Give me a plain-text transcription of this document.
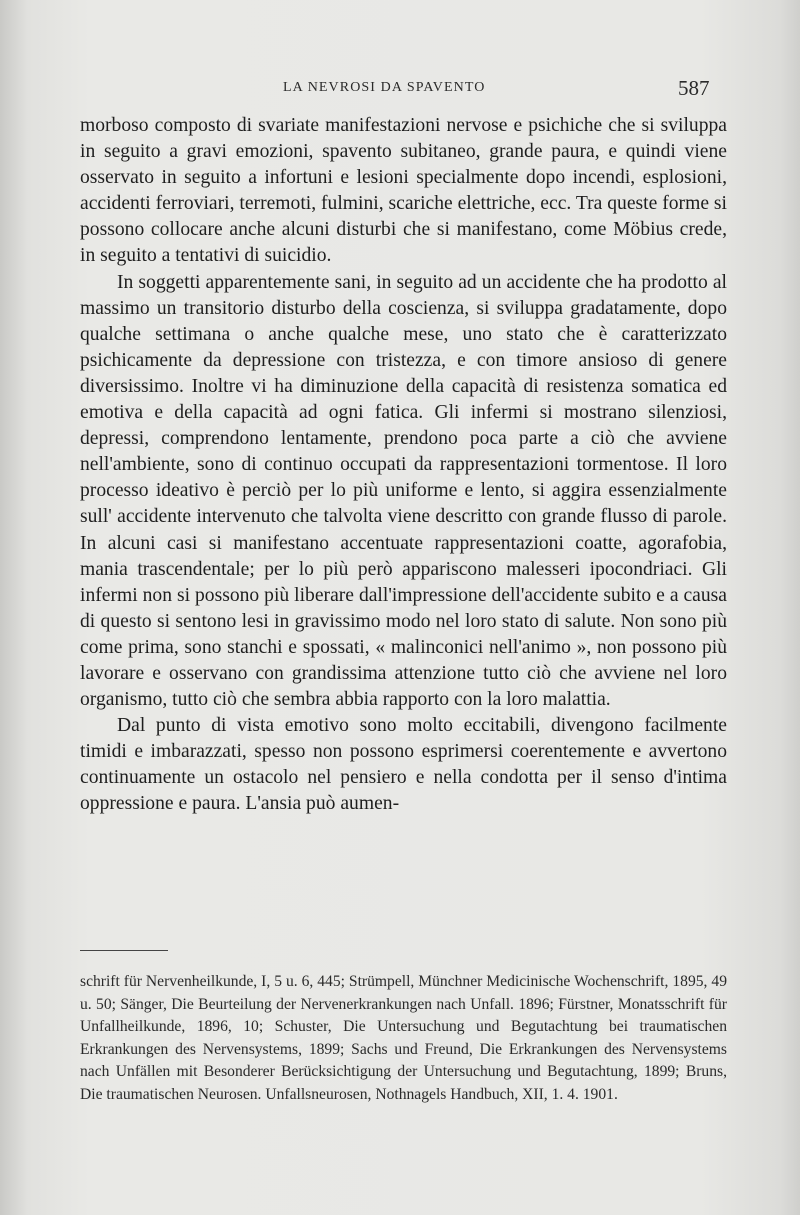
LA NEVROSI DA SPAVENTO	587

morboso composto di svariate manifestazioni nervose e psichiche che si sviluppa in seguito a gravi emozioni, spavento subitaneo, grande paura, e quindi viene osservato in seguito a infortuni e lesioni specialmente dopo incendi, esplosioni, accidenti ferroviari, terremoti, fulmini, scariche elettriche, ecc. Tra queste forme si possono collocare anche alcuni disturbi che si manifestano, come Möbius crede, in seguito a tentativi di suicidio.

In soggetti apparentemente sani, in seguito ad un accidente che ha prodotto al massimo un transitorio disturbo della coscienza, si sviluppa gradatamente, dopo qualche settimana o anche qualche mese, uno stato che è caratterizzato psichicamente da depressione con tristezza, e con timore ansioso di genere diversissimo. Inoltre vi ha diminuzione della capacità di resistenza somatica ed emotiva e della capacità ad ogni fatica. Gli infermi si mostrano silenziosi, depressi, comprendono lentamente, prendono poca parte a ciò che avviene nell'ambiente, sono di continuo occupati da rappresentazioni tormentose. Il loro processo ideativo è perciò per lo più uniforme e lento, si aggira essenzialmente sull' accidente intervenuto che talvolta viene descritto con grande flusso di parole. In alcuni casi si manifestano accentuate rappresentazioni coatte, agorafobia, mania trascendentale; per lo più però appariscono malesseri ipocondriaci. Gli infermi non si possono più liberare dall'impressione dell'accidente subito e a causa di questo si sentono lesi in gravissimo modo nel loro stato di salute. Non sono più come prima, sono stanchi e spossati, « malinconici nell'animo », non possono più lavorare e osservano con grandissima attenzione tutto ciò che avviene nel loro organismo, tutto ciò che sembra abbia rapporto con la loro malattia.

Dal punto di vista emotivo sono molto eccitabili, divengono facilmente timidi e imbarazzati, spesso non possono esprimersi coerentemente e avvertono continuamente un ostacolo nel pensiero e nella condotta per il senso d'intima oppressione e paura. L'ansia può aumen-

schrift für Nervenheilkunde, I, 5 u. 6, 445; Strümpell, Münchner Medicinische Wochenschrift, 1895, 49 u. 50; Sänger, Die Beurteilung der Nervenerkrankungen nach Unfall. 1896; Fürstner, Monatsschrift für Unfallheilkunde, 1896, 10; Schuster, Die Untersuchung und Begutachtung bei traumatischen Erkrankungen des Nervensystems, 1899; Sachs und Freund, Die Erkrankungen des Nervensystems nach Unfällen mit Besonderer Berücksichtigung der Untersuchung und Begutachtung, 1899; Bruns, Die traumatischen Neurosen. Unfallsneurosen, Nothnagels Handbuch, XII, 1. 4. 1901.
